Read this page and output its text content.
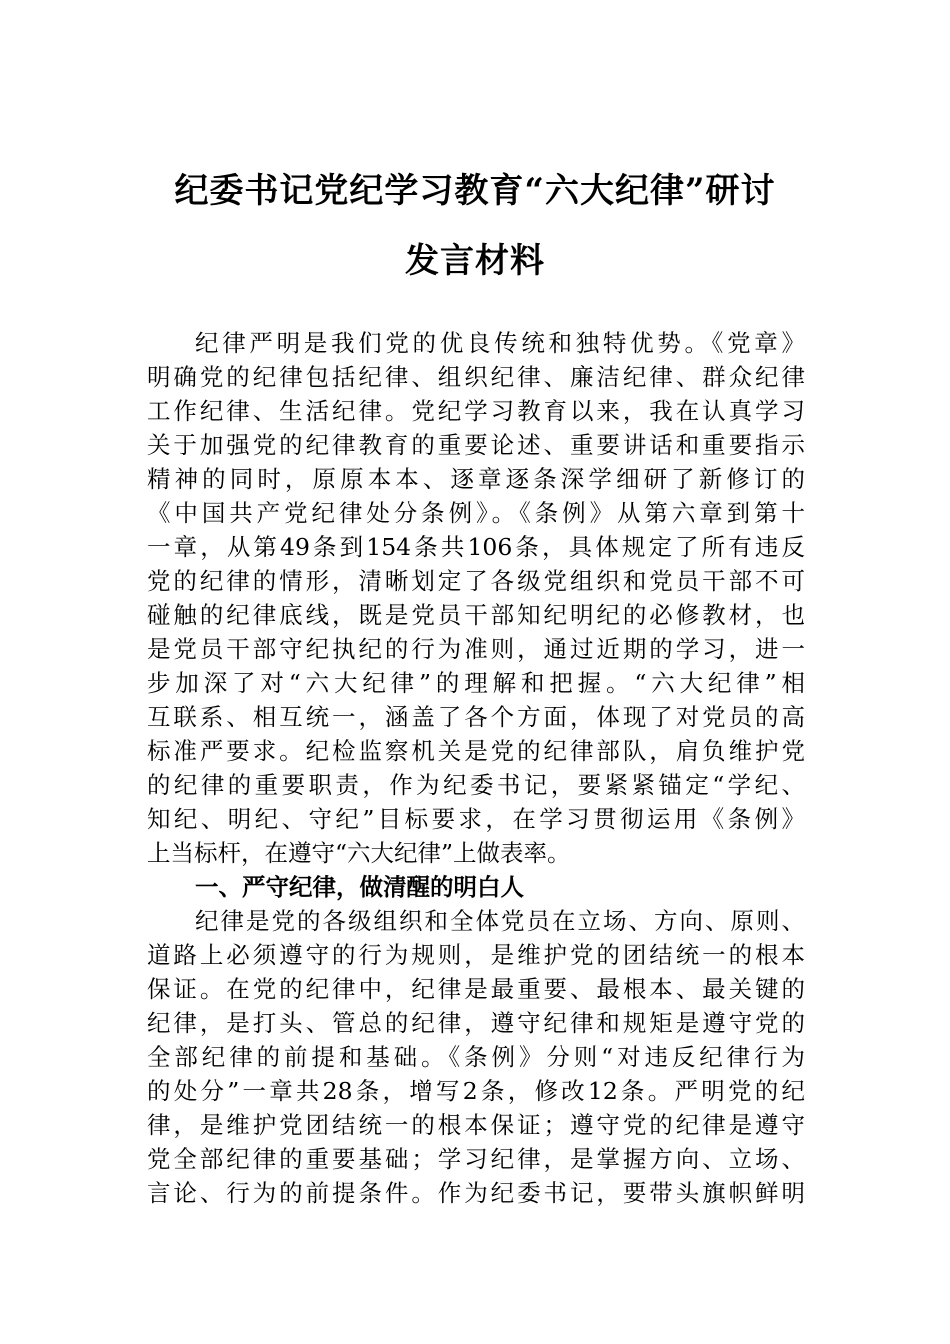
纪委书记党纪学习教育“六大纪律”研讨
发言材料
纪律严明是我们党的优良传统和独特优势。《党章》
明确党的纪律包括纪律、组织纪律、廉洁纪律、群众纪律
工作纪律、生活纪律。党纪学习教育以来，我在认真学习
关于加强党的纪律教育的重要论述、重要讲话和重要指示
精神的同时，原原本本、逐章逐条深学细研了新修订的
《中国共产党纪律处分条例》。《条例》从第六章到第十
一章，从第49条到154条共106条，具体规定了所有违反
党的纪律的情形，清晰划定了各级党组织和党员干部不可
碰触的纪律底线，既是党员干部知纪明纪的必修教材，也
是党员干部守纪执纪的行为准则，通过近期的学习，进一
步加深了对“六大纪律”的理解和把握。“六大纪律”相
互联系、相互统一，涵盖了各个方面，体现了对党员的高
标准严要求。纪检监察机关是党的纪律部队，肩负维护党
的纪律的重要职责，作为纪委书记，要紧紧锚定“学纪、
知纪、明纪、守纪”目标要求，在学习贯彻运用《条例》
上当标杆，在遵守“六大纪律”上做表率。
一、严守纪律，做清醒的明白人
纪律是党的各级组织和全体党员在立场、方向、原则、
道路上必须遵守的行为规则，是维护党的团结统一的根本
保证。在党的纪律中，纪律是最重要、最根本、最关键的
纪律，是打头、管总的纪律，遵守纪律和规矩是遵守党的
全部纪律的前提和基础。《条例》分则“对违反纪律行为
的处分”一章共28条，增写2条，修改12条。严明党的纪
律，是维护党团结统一的根本保证；遵守党的纪律是遵守
党全部纪律的重要基础；学习纪律，是掌握方向、立场、
言论、行为的前提条件。作为纪委书记，要带头旗帜鲜明
